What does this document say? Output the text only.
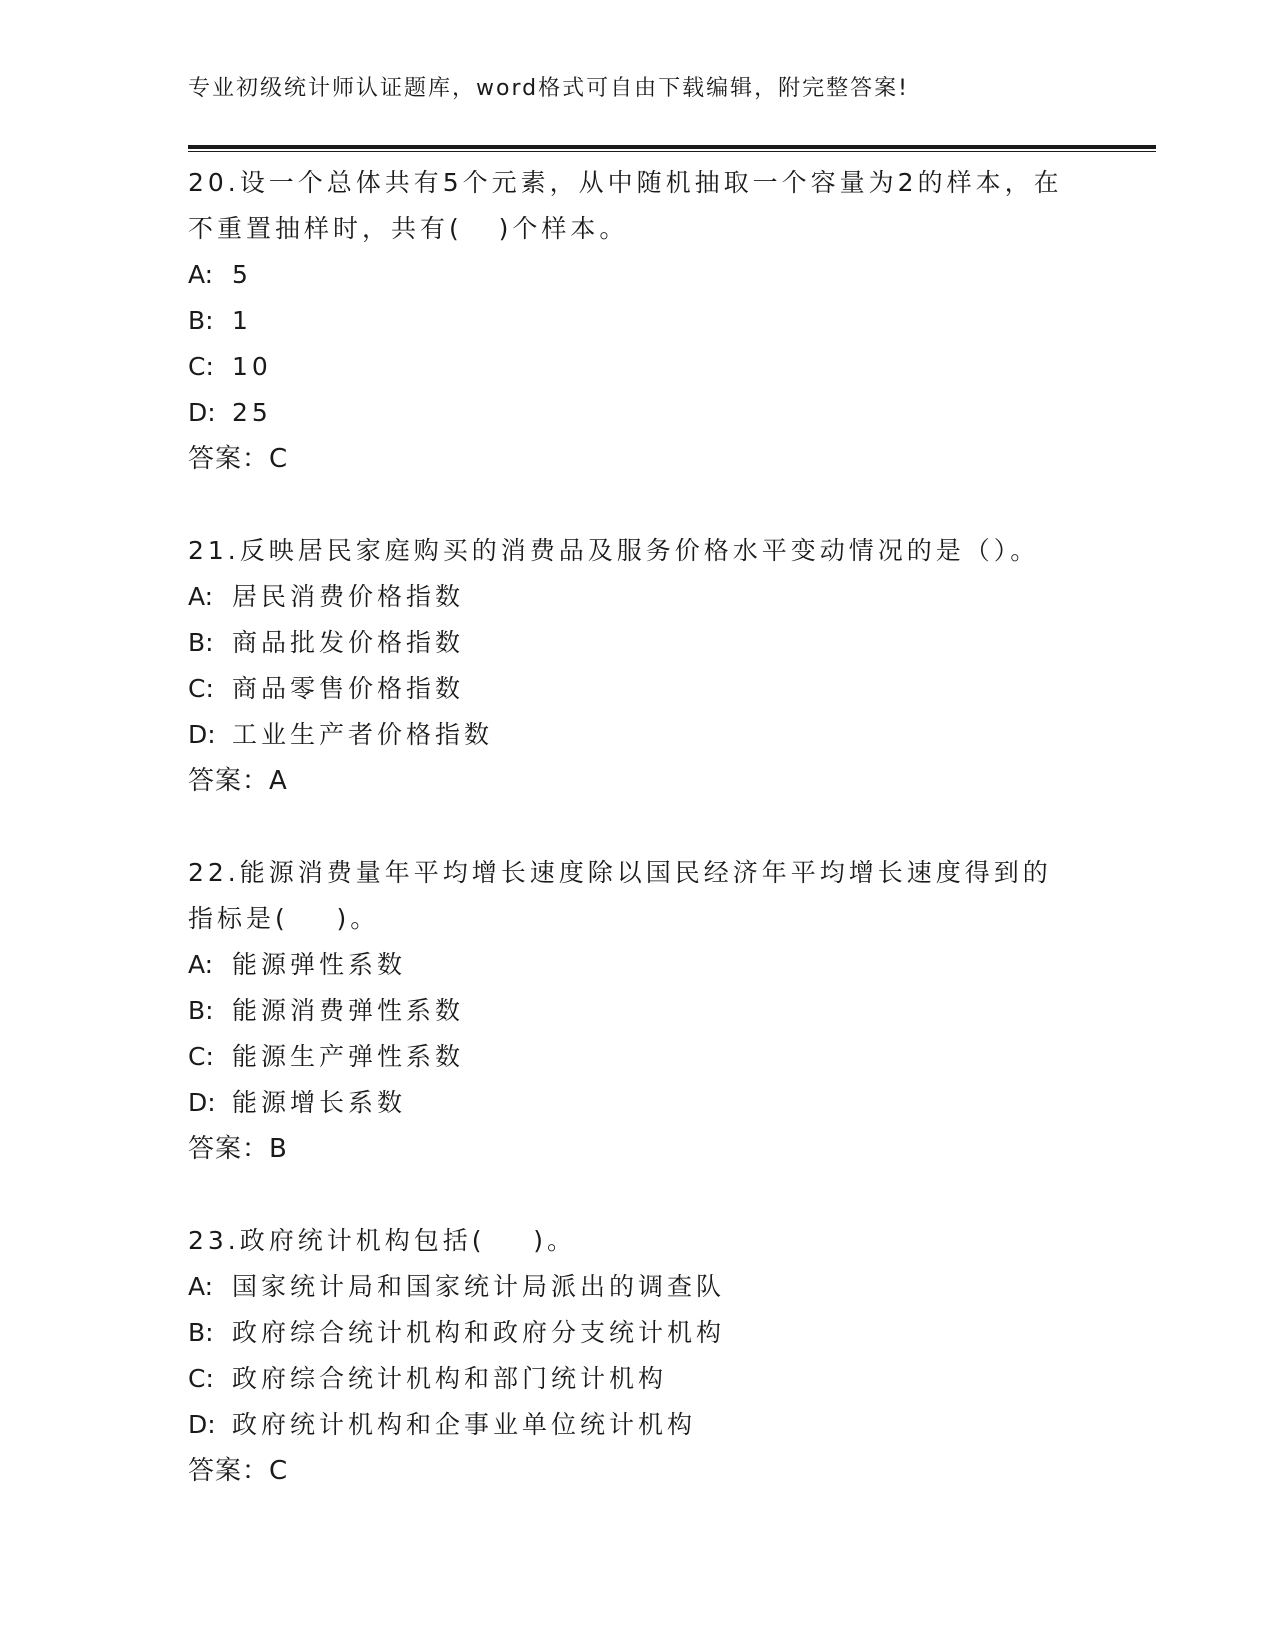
专业初级统计师认证题库，word格式可自由下载编辑，附完整答案!
20.设一个总体共有5个元素，从中随机抽取一个容量为2的样本，在不重置抽样时，共有(   )个样本。
A: 5
B: 1
C: 10
D: 25
答案：C
21.反映居民家庭购买的消费品及服务价格水平变动情况的是（）。
A: 居民消费价格指数
B: 商品批发价格指数
C: 商品零售价格指数
D: 工业生产者价格指数
答案：A
22.能源消费量年平均增长速度除以国民经济年平均增长速度得到的指标是(    )。
A: 能源弹性系数
B: 能源消费弹性系数
C: 能源生产弹性系数
D: 能源增长系数
答案：B
23.政府统计机构包括(    )。
A: 国家统计局和国家统计局派出的调查队
B: 政府综合统计机构和政府分支统计机构
C: 政府综合统计机构和部门统计机构
D: 政府统计机构和企事业单位统计机构
答案：C
